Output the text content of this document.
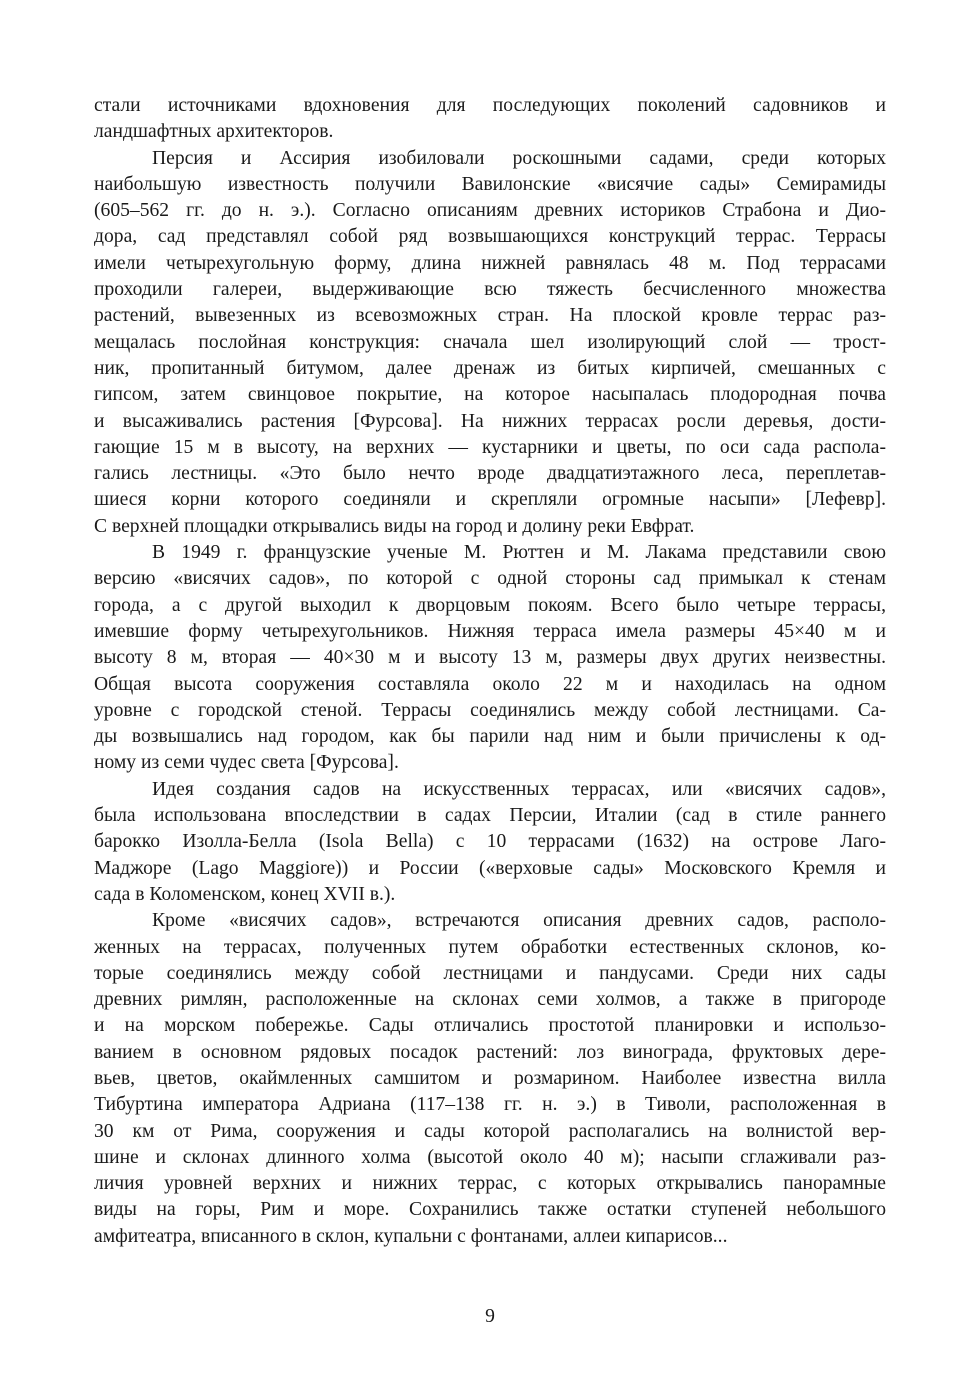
стали источниками вдохновения для последующих поколений садовников и
ландшафтных архитекторов.

Персия и Ассирия изобиловали роскошными садами, среди которых
наибольшую известность получили Вавилонские «висячие сады» Семирамиды
(605–562 гг. до н. э.). Согласно описаниям древних историков Страбона и Дио-
дора, сад представлял собой ряд возвышающихся конструкций террас. Террасы
имели четырехугольную форму, длина нижней равнялась 48 м. Под террасами
проходили галереи, выдерживающие всю тяжесть бесчисленного множества
растений, вывезенных из всевозможных стран. На плоской кровле террас раз-
мещалась послойная конструкция: сначала шел изолирующий слой — трост-
ник, пропитанный битумом, далее дренаж из битых кирпичей, смешанных с
гипсом, затем свинцовое покрытие, на которое насыпалась плодородная почва
и высаживались растения [Фурсова]. На нижних террасах росли деревья, дости-
гающие 15 м в высоту, на верхних — кустарники и цветы, по оси сада распола-
гались лестницы. «Это было нечто вроде двадцатиэтажного леса, переплетав-
шиеся корни которого соединяли и скрепляли огромные насыпи» [Лефевр].
С верхней площадки открывались виды на город и долину реки Евфрат.

В 1949 г. французские ученые М. Рюттен и М. Лакама представили свою
версию «висячих садов», по которой с одной стороны сад примыкал к стенам
города, а с другой выходил к дворцовым покоям. Всего было четыре террасы,
имевшие форму четырехугольников. Нижняя терраса имела размеры 45×40 м и
высоту 8 м, вторая — 40×30 м и высоту 13 м, размеры двух других неизвестны.
Общая высота сооружения составляла около 22 м и находилась на одном
уровне с городской стеной. Террасы соединялись между собой лестницами. Са-
ды возвышались над городом, как бы парили над ним и были причислены к од-
ному из семи чудес света [Фурсова].

Идея создания садов на искусственных террасах, или «висячих садов»,
была использована впоследствии в садах Персии, Италии (сад в стиле раннего
барокко Изолла-Белла (Isola Bella) с 10 террасами (1632) на острове Лаго-
Маджоре (Lago Maggiore)) и России («верховые сады» Московского Кремля и
сада в Коломенском, конец XVII в.).

Кроме «висячих садов», встречаются описания древних садов, располо-
женных на террасах, полученных путем обработки естественных склонов, ко-
торые соединялись между собой лестницами и пандусами. Среди них сады
древних римлян, расположенные на склонах семи холмов, а также в пригороде
и на морском побережье. Сады отличались простотой планировки и использо-
ванием в основном рядовых посадок растений: лоз винограда, фруктовых дере-
вьев, цветов, окаймленных самшитом и розмарином. Наиболее известна вилла
Тибуртина императора Адриана (117–138 гг. н. э.) в Тиволи, расположенная в
30 км от Рима, сооружения и сады которой располагались на волнистой вер-
шине и склонах длинного холма (высотой около 40 м); насыпи сглаживали раз-
личия уровней верхних и нижних террас, с которых открывались панорамные
виды на горы, Рим и море. Сохранились также остатки ступеней небольшого
амфитеатра, вписанного в склон, купальни с фонтанами, аллеи кипарисов...

9
